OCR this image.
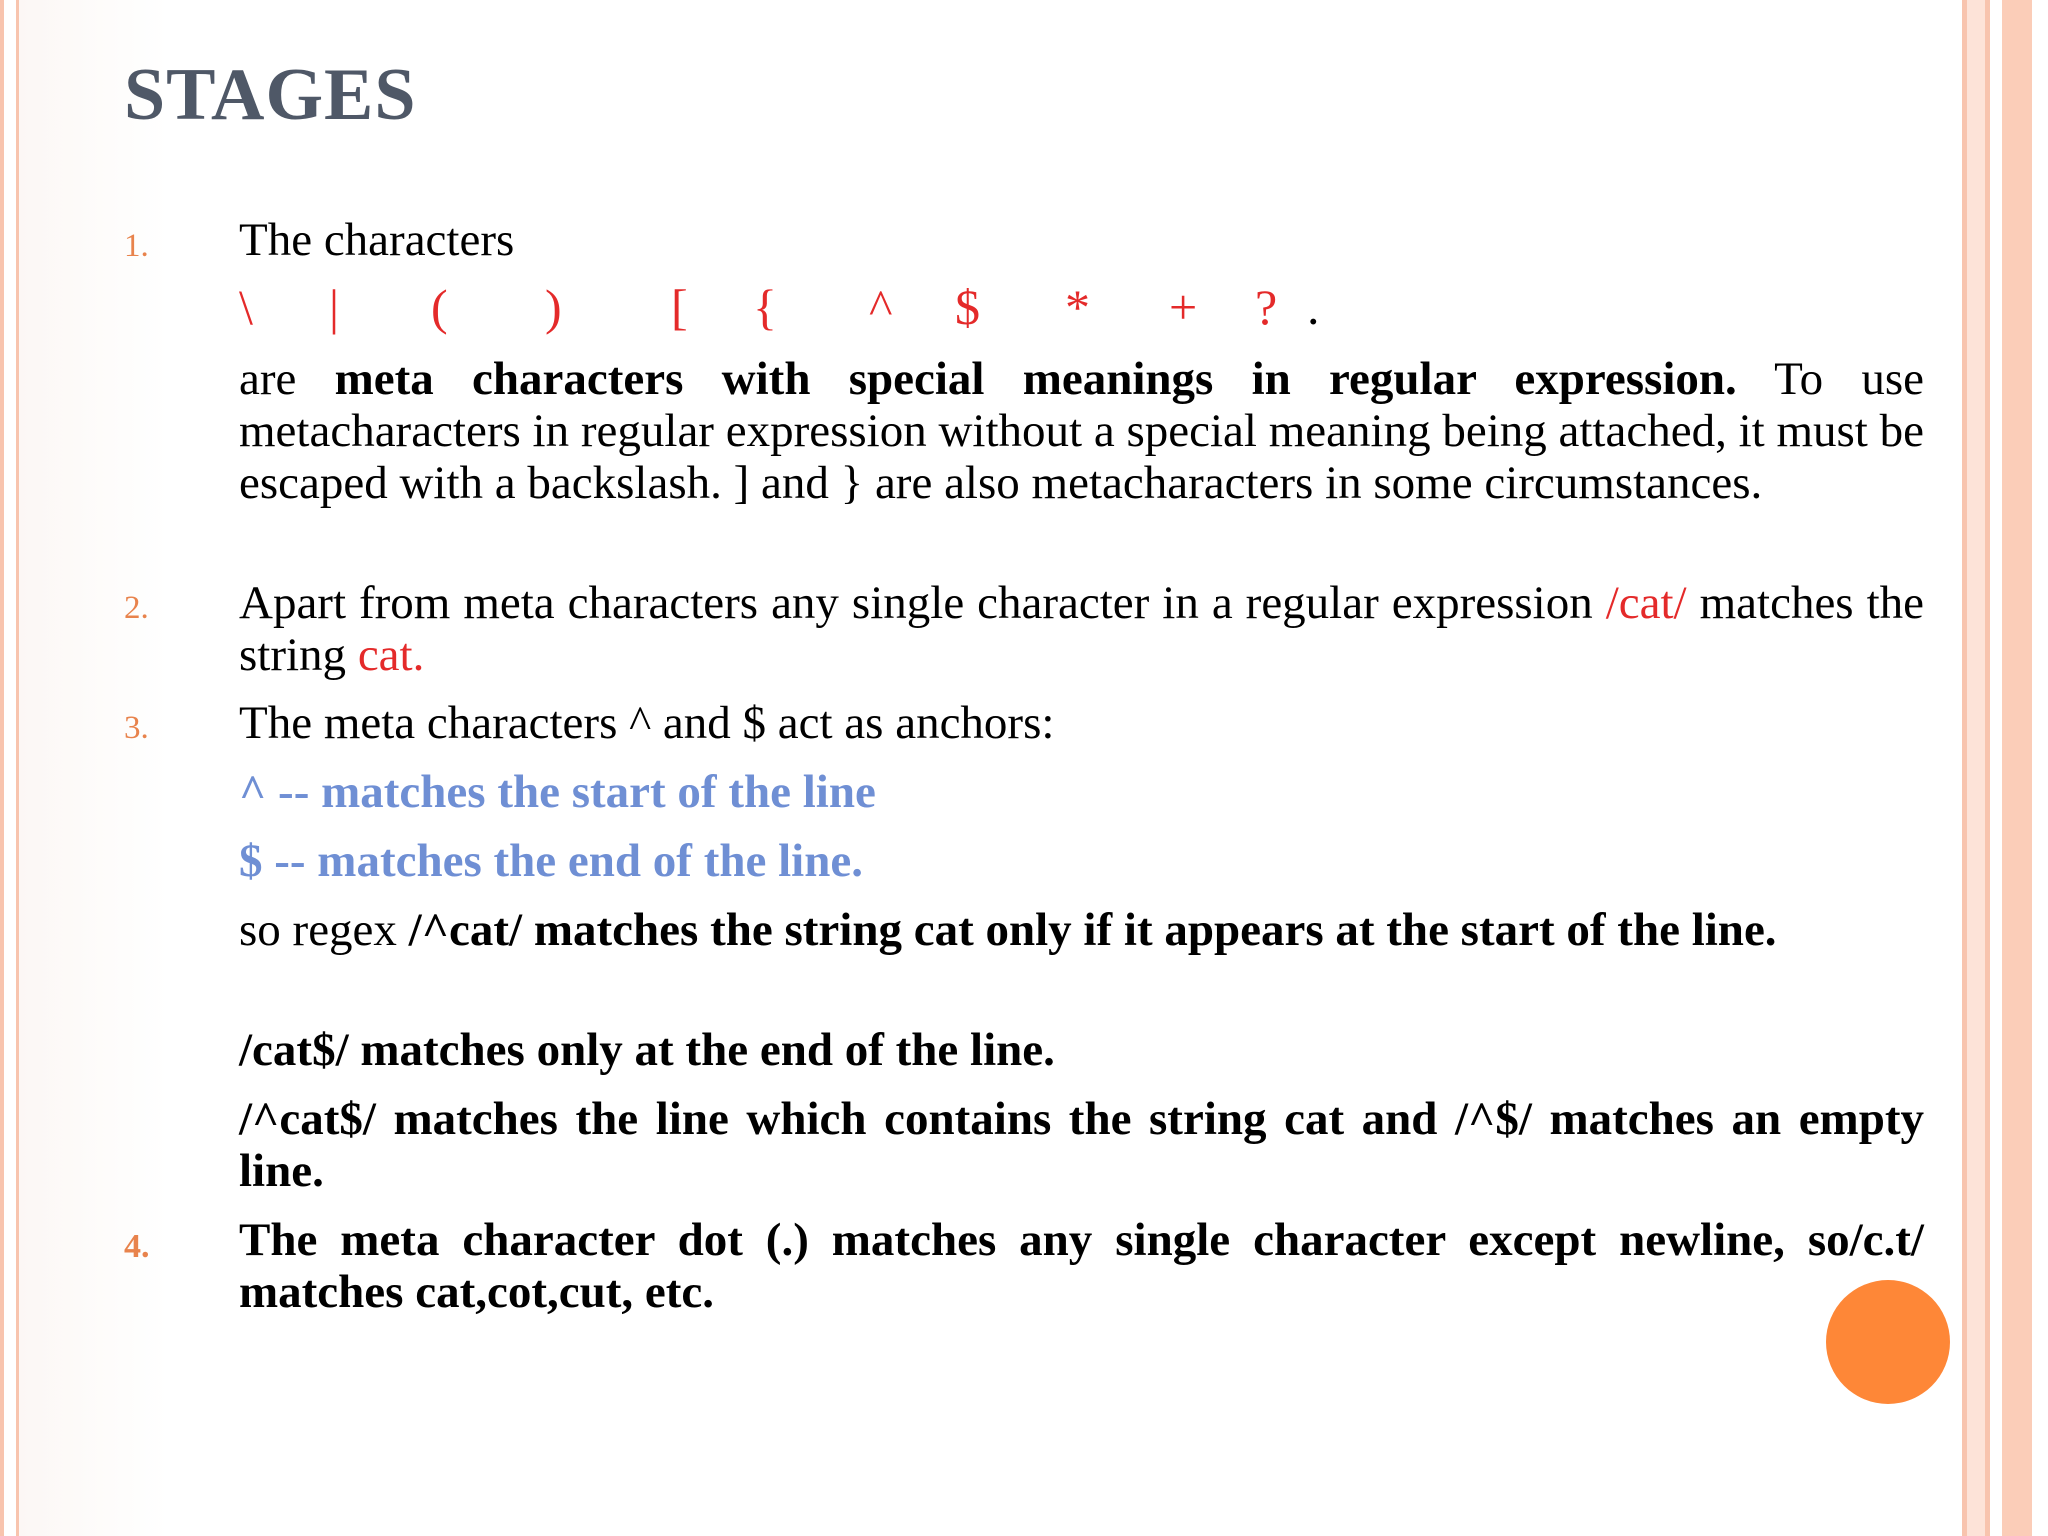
STAGES
1. The characters

\ | ( ) [ { ^ $ * + ? .

are meta characters with special meanings in regular expression. To use metacharacters in regular expression without a special meaning being attached, it must be escaped with a backslash. ] and } are also metacharacters in some circumstances.

2. Apart from meta characters any single character in a regular expression /cat/ matches the string cat.

3. The meta characters ^ and $ act as anchors:

^ -- matches the start of the line

$ -- matches the end of the line.

so regex /^cat/ matches the string cat only if it appears at the start of the line.

/cat$/ matches only at the end of the line.

/^cat$/ matches the line which contains the string cat and /^$/ matches an empty line.

4. The meta character dot (.) matches any single character except newline, so/c.t/ matches cat,cot,cut, etc.
